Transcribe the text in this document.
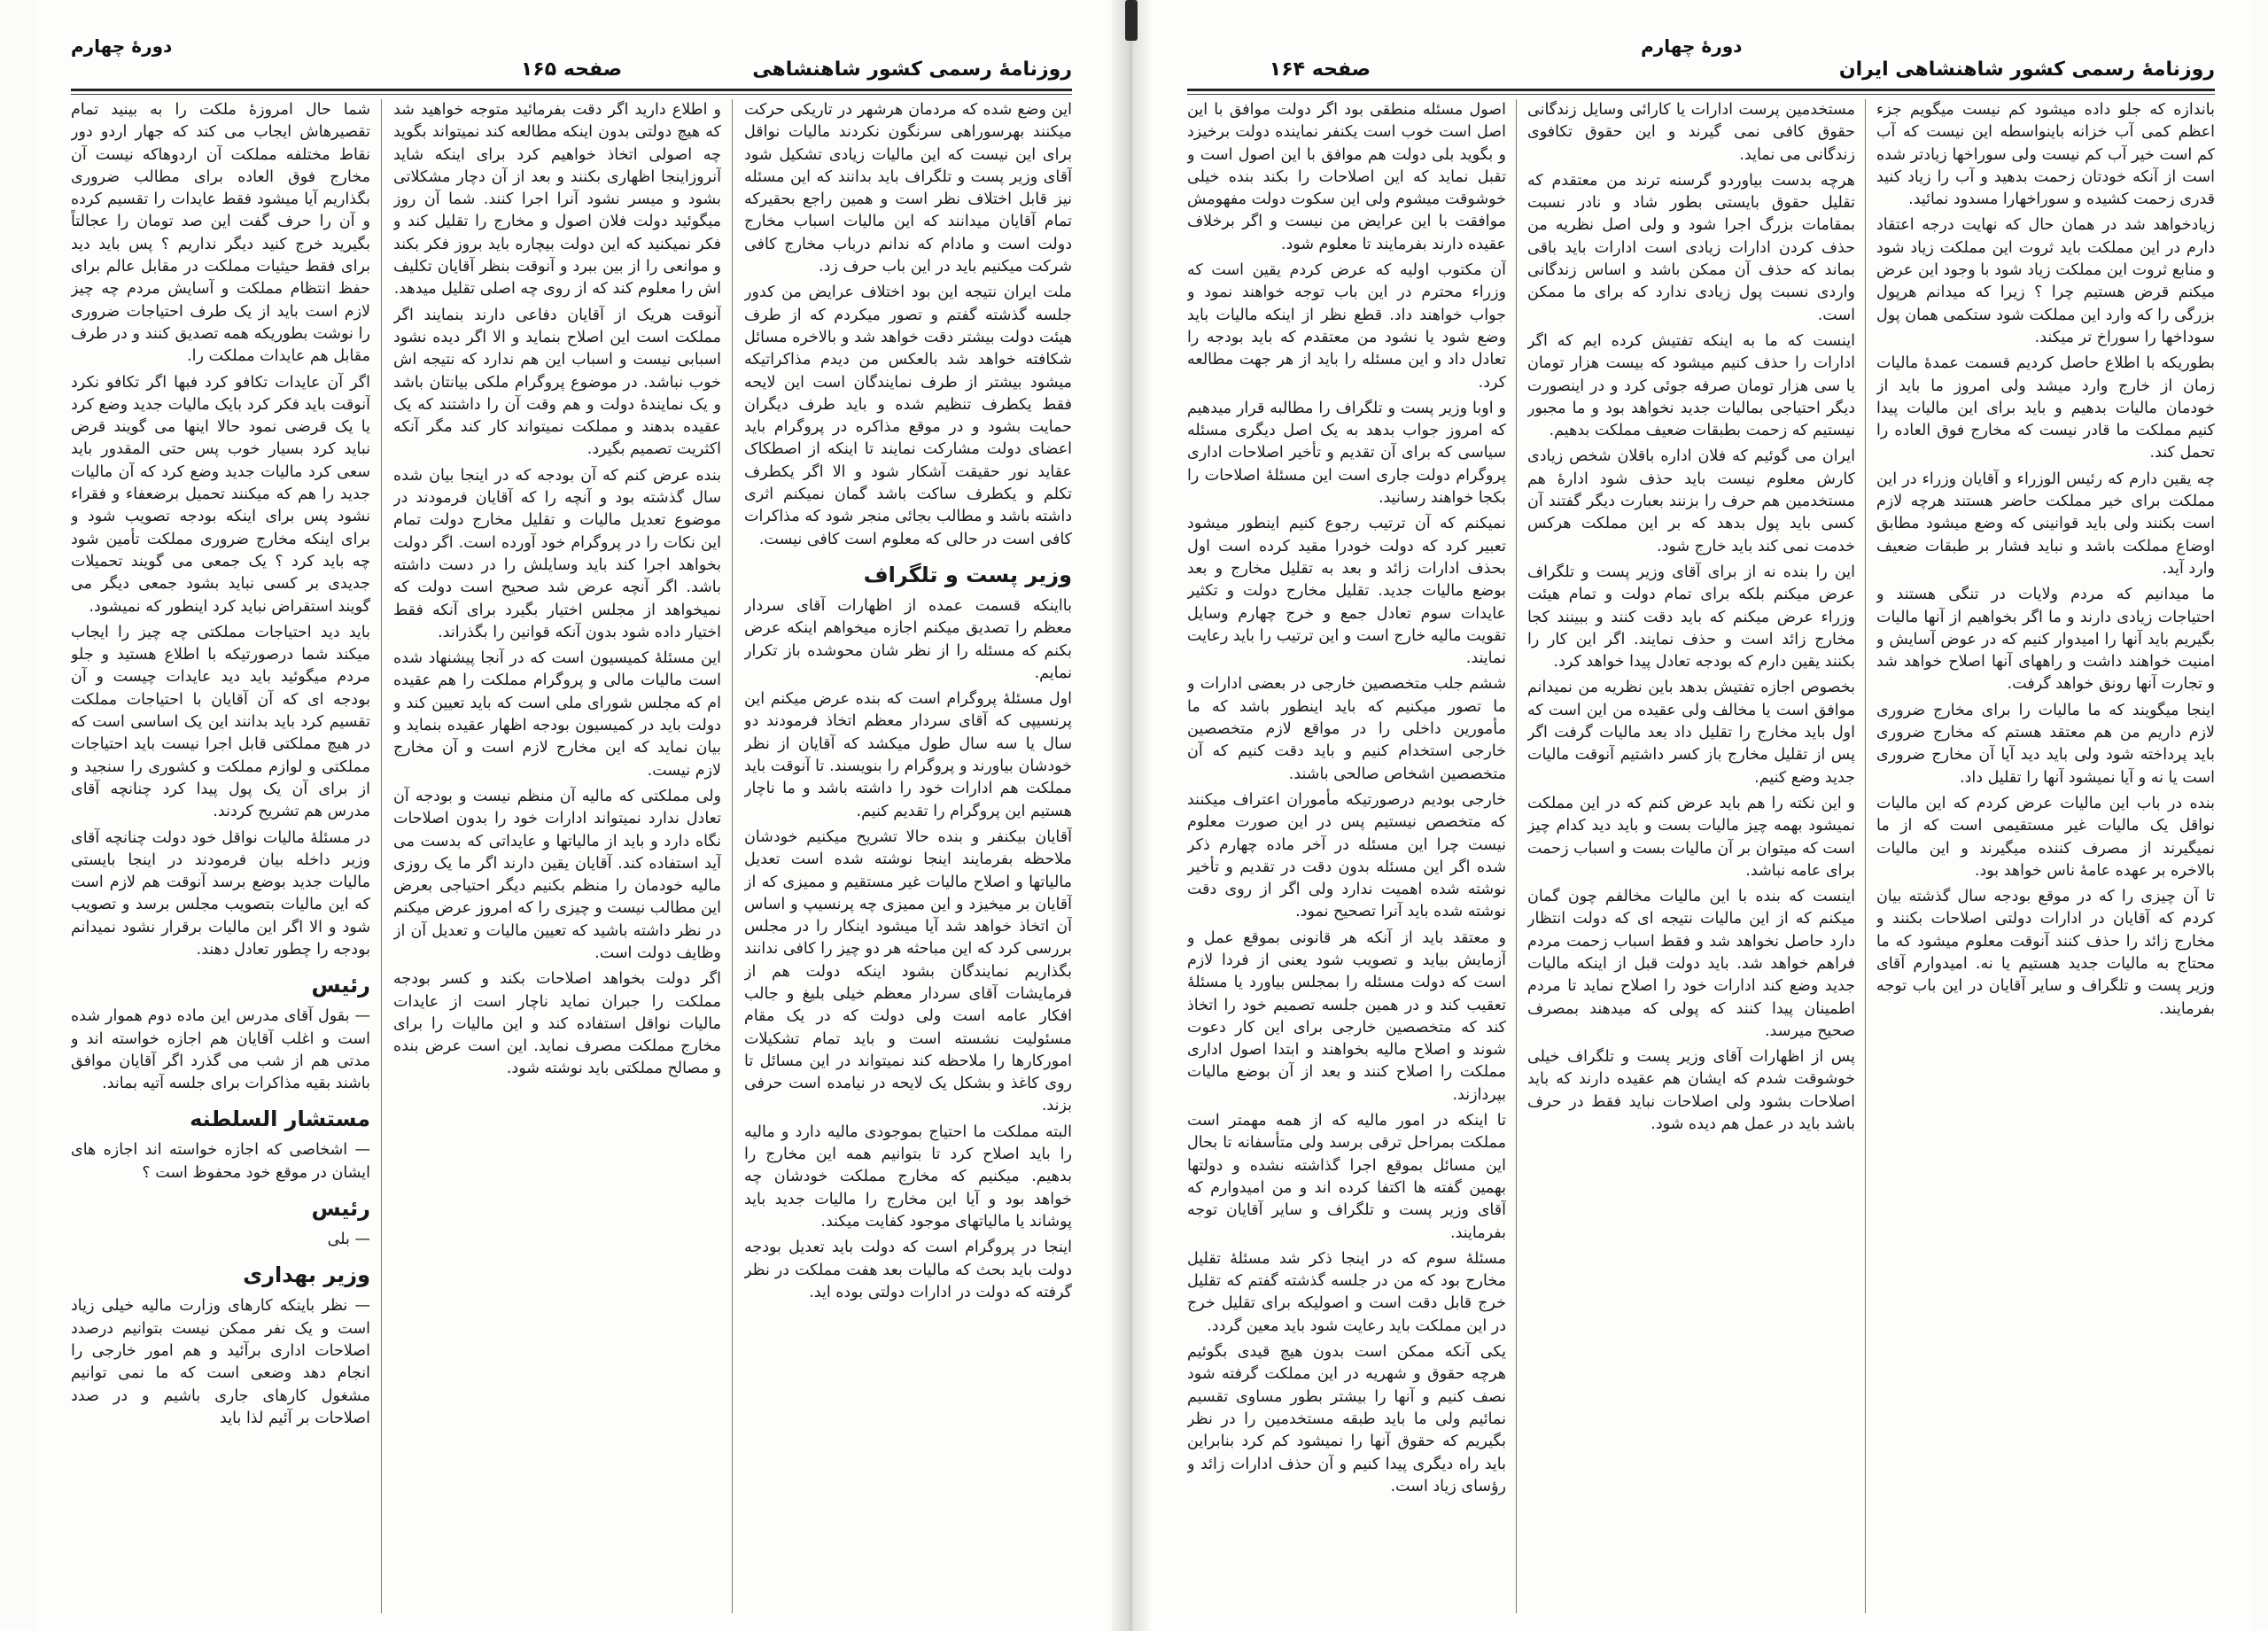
روزنامهٔ رسمی کشور شاهنشاهی
صفحه ۱۶۵
دورهٔ چهارم
این وضع شده که مردمان هرشهر در تاریکی حرکت میکنند بهرسوراهی سرنگون نکردند مالیات نواقل برای این نیست که این مالیات زیادی تشکیل شود آقای وزیر پست و تلگراف باید بدانند که این مسئله نیز قابل اختلاف نظر است و همین راجع بحقیرکه تمام آقایان میدانند که این مالیات اسباب مخارج دولت است و مادام که ندانم درباب مخارج کافی شرکت میکنیم باید در این باب حرف زد.
ملت ایران نتیجه این بود اختلاف عرایض من کدور جلسه گذشته گفتم و تصور میکردم که از طرف هیئت دولت بیشتر دقت خواهد شد و بالاخره مسائل شکافته خواهد شد بالعکس من دیدم مذاکراتیکه میشود بیشتر از طرف نمایندگان است این لایحه فقط یکطرف تنظیم شده و باید طرف دیگران حمایت بشود و در موقع مذاکره در پروگرام باید اعضای دولت مشارکت نمایند تا اینکه از اصطکاک عقاید نور حقیقت آشکار شود و الا اگر یکطرف تکلم و یکطرف ساکت باشد گمان نمیکنم اثری داشته باشد و مطالب بجائی منجر شود که مذاکرات کافی است در حالی که معلوم است کافی نیست.
وزیر پست و تلگراف
بااینکه قسمت عمده از اظهارات آقای سردار معظم را تصدیق میکنم اجازه میخواهم اینکه عرض بکنم که مسئله را از نظر شان محوشده باز تکرار نمایم.
اول مسئلهٔ پروگرام است که بنده عرض میکنم این پرنسیپی که آقای سردار معظم اتخاذ فرمودند دو سال یا سه سال طول میکشد که آقایان از نظر خودشان بیاورند و پروگرام را بنویسند. تا آنوقت باید مملکت هم ادارات خود را داشته باشد و ما ناچار هستیم این پروگرام را تقدیم کنیم.
آقایان بیکنفر و بنده حالا تشریح میکنیم خودشان ملاحظه بفرمایند اینجا نوشته شده است تعدیل مالیاتها و اصلاح مالیات غیر مستقیم و ممیزی که از آقایان بر میخیزد و این ممیزی چه پرنسیپ و اساس آن اتخاذ خواهد شد آیا میشود اینکار را در مجلس بررسی کرد که این مباحثه هر دو چیز را کافی ندانند بگذاریم نمایندگان بشود اینکه دولت هم از فرمایشات آقای سردار معظم خیلی بلیغ و جالب افکار عامه است ولی دولت که در یک مقام مسئولیت نشسته است و باید تمام تشکیلات امورکارها را ملاحظه کند نمیتواند در این مسائل تا روی کاغذ و بشکل یک لایحه در نیامده است حرفی بزند.
البته مملکت ما احتیاج بموجودی مالیه دارد و مالیه را باید اصلاح کرد تا بتوانیم همه این مخارج را بدهیم. میکنیم که مخارج مملکت خودشان چه خواهد بود و آیا این مخارج را مالیات جدید باید پوشاند یا مالیاتهای موجود کفایت میکند.
اینجا در پروگرام است که دولت باید تعدیل بودجه دولت باید بحث که مالیات بعد هفت مملکت در نظر گرفته که دولت در ادارات دولتی بوده اید.
و اطلاع دارید اگر دقت بفرمائید متوجه خواهید شد که هیچ دولتی بدون اینکه مطالعه کند نمیتواند بگوید چه اصولی اتخاذ خواهیم کرد برای اینکه شاید آنروزاینجا اظهاری بکنند و بعد از آن دچار مشکلاتی بشود و میسر نشود آنرا اجرا کنند. شما آن روز میگوئید دولت فلان اصول و مخارج را تقلیل کند و فکر نمیکنید که این دولت بیچاره باید بروز فکر بکند و موانعی را از بین ببرد و آنوقت بنظر آقایان تکلیف اش را معلوم کند که از روی چه اصلی تقلیل میدهد.
آنوقت هریک از آقایان دفاعی دارند بنمایند اگر مملکت است این اصلاح بنماید و الا اگر دیده نشود اسبابی نیست و اسباب این هم ندارد که نتیجه اش خوب نباشد. در موضوع پروگرام ملکی بیانتان باشد و یک نمایندهٔ دولت و هم وقت آن را داشتند که یک عقیده بدهند و مملکت نمیتواند کار کند مگر آنکه اکثریت تصمیم بگیرد.
بنده عرض کنم که آن بودجه که در اینجا بیان شده سال گذشته بود و آنچه را که آقایان فرمودند در موضوع تعدیل مالیات و تقلیل مخارج دولت تمام این نکات را در پروگرام خود آورده است. اگر دولت بخواهد اجرا کند باید وسایلش را در دست داشته باشد. اگر آنچه عرض شد صحیح است دولت که نمیخواهد از مجلس اختیار بگیرد برای آنکه فقط اختیار داده شود بدون آنکه قوانین را بگذراند.
این مسئلهٔ کمیسیون است که در آنجا پیشنهاد شده است مالیات مالی و پروگرام مملکت را هم عقیده ام که مجلس شورای ملی است که باید تعیین کند و دولت باید در کمیسیون بودجه اظهار عقیده بنماید و بیان نماید که این مخارج لازم است و آن مخارج لازم نیست.
ولی مملکتی که مالیه آن منظم نیست و بودجه آن تعادل ندارد نمیتواند ادارات خود را بدون اصلاحات نگاه دارد و باید از مالیاتها و عایداتی که بدست می آید استفاده کند. آقایان یقین دارند اگر ما یک روزی مالیه خودمان را منظم بکنیم دیگر احتیاجی بعرض این مطالب نیست و چیزی را که امروز عرض میکنم در نظر داشته باشید که تعیین مالیات و تعدیل آن از وظایف دولت است.
اگر دولت بخواهد اصلاحات بکند و کسر بودجه مملکت را جبران نماید ناچار است از عایدات مالیات نواقل استفاده کند و این مالیات را برای مخارج مملکت مصرف نماید. این است عرض بنده و مصالح مملکتی باید نوشته شود.
شما حال امروزهٔ ملکت را به بینید تمام تقصیرهاش ایجاب می کند که جهار اردو دور نقاط مختلفه مملکت آن اردوهاکه نیست آن مخارج فوق العاده برای مطالب ضروری بگذاریم آیا میشود فقط عایدات را تقسیم کرده و آن را حرف گفت این صد تومان را عجالتاً بگیرید خرج کنید دیگر نداریم ؟ پس باید دید برای فقط حیثیات مملکت در مقابل عالم برای حفظ انتظام مملکت و آسایش مردم چه چیز لازم است باید از یک طرف احتیاجات ضروری را نوشت بطوریکه همه تصدیق کنند و در طرف مقابل هم عایدات مملکت را.
اگر آن عایدات تکافو کرد فبها اگر تکافو نکرد آنوقت باید فکر کرد بایک مالیات جدید وضع کرد یا یک قرضی نمود حالا اینها می گویند قرض نباید کرد بسیار خوب پس حتی المقدور باید سعی کرد مالیات جدید وضع کرد که آن مالیات جدید را هم که میکنند تحمیل برضعفاء و فقراء نشود پس برای اینکه بودجه تصویب شود و برای اینکه مخارج ضروری مملکت تأمین شود چه باید کرد ؟ یک جمعی می گویند تحمیلات جدیدی بر کسی نباید بشود جمعی دیگر می گویند استقراض نباید کرد اینطور که نمیشود.
باید دید احتیاجات مملکتی چه چیز را ایجاب میکند شما درصورتیکه با اطلاع هستید و جلو مردم میگوئید باید دید عایدات چیست و آن بودجه ای که آن آقایان با احتیاجات مملکت تقسیم کرد باید بدانند این یک اساسی است که در هیچ مملکتی قابل اجرا نیست باید احتیاجات مملکتی و لوازم مملکت و کشوری را سنجید و از برای آن یک پول پیدا کرد چنانچه آقای مدرس هم تشریح کردند.
در مسئلهٔ مالیات نواقل خود دولت چنانچه آقای وزیر داخله بیان فرمودند در اینجا بایستی مالیات جدید بوضع برسد آنوقت هم لازم است که این مالیات بتصویب مجلس برسد و تصویب شود و الا اگر این مالیات برقرار نشود نمیدانم بودجه را چطور تعادل دهند.
رئیس
— بقول آقای مدرس این ماده دوم هموار شده است و اغلب آقایان هم اجازه خواسته اند و مدتی هم از شب می گذرد اگر آقایان موافق باشند بقیه مذاکرات برای جلسه آتیه بماند.
مستشار السلطنه
— اشخاصی که اجازه خواسته اند اجازه های ایشان در موقع خود محفوظ است ؟
رئیس
— بلی
وزیر بهداری
— نظر باینکه کارهای وزارت مالیه خیلی زیاد است و یک نفر ممکن نیست بتوانیم درصدد اصلاحات اداری برآئید و هم امور خارجی را انجام دهد وضعی است که ما نمی توانیم مشغول کارهای جاری باشیم و در صدد اصلاحات بر آئیم لذا باید
روزنامهٔ رسمی کشور شاهنشاهی ایران
صفحه ۱۶۴
دورهٔ چهارم
باندازه که جلو داده میشود کم نیست میگویم جزء اعظم کمی آب خزانه باینواسطه این نیست که آب کم است خیر آب کم نیست ولی سوراخها زیادتر شده است از آنکه خودتان زحمت بدهید و آب را زیاد کنید قدری زحمت کشیده و سوراخهارا مسدود نمائید.
زیادخواهد شد در همان حال که نهایت درجه اعتقاد دارم در این مملکت باید ثروت این مملکت زیاد شود و منابع ثروت این مملکت زیاد شود با وجود این عرض میکنم قرض هستیم چرا ؟ زیرا که میدانم هرپول بزرگی را که وارد این مملکت شود ستکمی همان پول سوداخها را سوراخ تر میکند.
بطوریکه با اطلاع حاصل کردیم قسمت عمدهٔ مالیات زمان از خارج وارد میشد ولی امروز ما باید از خودمان مالیات بدهیم و باید برای این مالیات پیدا کنیم مملکت ما قادر نیست که مخارج فوق العاده را تحمل کند.
چه یقین دارم که رئیس الوزراء و آقایان وزراء در این مملکت برای خیر مملکت حاضر هستند هرچه لازم است بکنند ولی باید قوانینی که وضع میشود مطابق اوضاع مملکت باشد و نباید فشار بر طبقات ضعیف وارد آید.
ما میدانیم که مردم ولایات در تنگی هستند و احتیاجات زیادی دارند و ما اگر بخواهیم از آنها مالیات بگیریم باید آنها را امیدوار کنیم که در عوض آسایش و امنیت خواهند داشت و راههای آنها اصلاح خواهد شد و تجارت آنها رونق خواهد گرفت.
اینجا میگویند که ما مالیات را برای مخارج ضروری لازم داریم من هم معتقد هستم که مخارج ضروری باید پرداخته شود ولی باید دید آیا آن مخارج ضروری است یا نه و آیا نمیشود آنها را تقلیل داد.
بنده در باب این مالیات عرض کردم که این مالیات نواقل یک مالیات غیر مستقیمی است که از ما نمیگیرند از مصرف کننده میگیرند و این مالیات بالاخره بر عهده عامهٔ ناس خواهد بود.
تا آن چیزی را که در موقع بودجه سال گذشته بیان کردم که آقایان در ادارات دولتی اصلاحات بکنند و مخارج زائد را حذف کنند آنوقت معلوم میشود که ما محتاج به مالیات جدید هستیم یا نه. امیدوارم آقای وزیر پست و تلگراف و سایر آقایان در این باب توجه بفرمایند.
مستخدمین پرست ادارات یا کارائی وسایل زندگانی حقوق کافی نمی گیرند و این حقوق تکافوی زندگانی می نماید.
هرچه بدست بیاوردو گرسنه ترند من معتقدم که تقلیل حقوق بایستی بطور شاد و نادر نسبت بمقامات بزرگ اجرا شود و ولی اصل نظریه من حذف کردن ادارات زیادی است ادارات باید باقی بماند که حذف آن ممکن باشد و اساس زندگانی واردی نسبت پول زیادی ندارد که برای ما ممکن است.
اینست که ما به اینکه تفتیش کرده ایم که اگر ادارات را حذف کنیم میشود که بیست هزار تومان یا سی هزار تومان صرفه جوئی کرد و در اینصورت دیگر احتیاجی بمالیات جدید نخواهد بود و ما مجبور نیستیم که زحمت بطبقات ضعیف مملکت بدهیم.
ایران می گوئیم که فلان اداره باقلان شخص زیادی کارش معلوم نیست باید حذف شود ادارهٔ هم مستخدمین هم حرف را بزنند بعبارت دیگر گفتند آن کسی باید پول بدهد که بر این مملکت هرکس خدمت نمی کند باید خارج شود.
این را بنده نه از برای آقای وزیر پست و تلگراف عرض میکنم بلکه برای تمام دولت و تمام هیئت وزراء عرض میکنم که باید دقت کنند و ببینند کجا مخارج زائد است و حذف نمایند. اگر این کار را بکنند یقین دارم که بودجه تعادل پیدا خواهد کرد.
بخصوص اجازه تفتیش بدهد باین نظریه من نمیدانم موافق است یا مخالف ولی عقیده من این است که اول باید مخارج را تقلیل داد بعد مالیات گرفت اگر پس از تقلیل مخارج باز کسر داشتیم آنوقت مالیات جدید وضع کنیم.
و این نکته را هم باید عرض کنم که در این مملکت نمیشود بهمه چیز مالیات بست و باید دید کدام چیز است که میتوان بر آن مالیات بست و اسباب زحمت برای عامه نباشد.
اینست که بنده با این مالیات مخالفم چون گمان میکنم که از این مالیات نتیجه ای که دولت انتظار دارد حاصل نخواهد شد و فقط اسباب زحمت مردم فراهم خواهد شد. باید دولت قبل از اینکه مالیات جدید وضع کند ادارات خود را اصلاح نماید تا مردم اطمینان پیدا کنند که پولی که میدهند بمصرف صحیح میرسد.
پس از اظهارات آقای وزیر پست و تلگراف خیلی خوشوقت شدم که ایشان هم عقیده دارند که باید اصلاحات بشود ولی اصلاحات نباید فقط در حرف باشد باید در عمل هم دیده شود.
اصول مسئله منطقی بود اگر دولت موافق با این اصل است خوب است یکنفر نماینده دولت برخیزد و بگوید بلی دولت هم موافق با این اصول است و تقبل نماید که این اصلاحات را بکند بنده خیلی خوشوقت میشوم ولی این سکوت دولت مفهومش موافقت با این عرایض من نیست و اگر برخلاف عقیده دارند بفرمایند تا معلوم شود.
آن مکتوب اولیه که عرض کردم یقین است که وزراء محترم در این باب توجه خواهند نمود و جواب خواهند داد. قطع نظر از اینکه مالیات باید وضع شود یا نشود من معتقدم که باید بودجه را تعادل داد و این مسئله را باید از هر جهت مطالعه کرد.
و اوبا وزیر پست و تلگراف را مطالبه قرار میدهیم که امروز جواب بدهد به یک اصل دیگری مسئله سیاسی که برای آن تقدیم و تأخیر اصلاحات اداری پروگرام دولت جاری است این مسئلهٔ اصلاحات را بکجا خواهند رسانید.
نمیکنم که آن ترتیب رجوع کنیم اینطور میشود تعبیر کرد که دولت خودرا مقید کرده است اول بحذف ادارات زائد و بعد به تقلیل مخارج و بعد بوضع مالیات جدید. تقلیل مخارج دولت و تکثیر عایدات سوم تعادل جمع و خرج چهارم وسایل تقویت مالیه خارج است و این ترتیب را باید رعایت نمایند.
ششم جلب متخصصین خارجی در بعضی ادارات و ما تصور میکنیم که باید اینطور باشد که ما مأمورین داخلی را در مواقع لازم متخصصین خارجی استخدام کنیم و باید دقت کنیم که آن متخصصین اشخاص صالحی باشند.
خارجی بودیم درصورتیکه مأموران اعتراف میکنند که متخصص نیستیم پس در این صورت معلوم نیست چرا این مسئله در آخر ماده چهارم ذکر شده اگر این مسئله بدون دقت در تقدیم و تأخیر نوشته شده اهمیت ندارد ولی اگر از روی دقت نوشته شده باید آنرا تصحیح نمود.
و معتقد باید از آنکه هر قانونی بموقع عمل و آزمایش بیاید و تصویب شود یعنی از فردا لازم است که دولت مسئله را بمجلس بیاورد یا مسئلهٔ تعقیب کند و در همین جلسه تصمیم خود را اتخاذ کند که متخصصین خارجی برای این کار دعوت شوند و اصلاح مالیه بخواهند و ابتدا اصول اداری مملکت را اصلاح کنند و بعد از آن بوضع مالیات بپردازند.
تا اینکه در امور مالیه که از همه مهمتر است مملکت بمراحل ترقی برسد ولی متأسفانه تا بحال این مسائل بموقع اجرا گذاشته نشده و دولتها بهمین گفته ها اکتفا کرده اند و من امیدوارم که آقای وزیر پست و تلگراف و سایر آقایان توجه بفرمایند.
مسئلهٔ سوم که در اینجا ذکر شد مسئلهٔ تقلیل مخارج بود که من در جلسه گذشته گفتم که تقلیل خرج قابل دقت است و اصولیکه برای تقلیل خرج در این مملکت باید رعایت شود باید معین گردد.
یکی آنکه ممکن است بدون هیچ قیدی بگوئیم هرچه حقوق و شهریه در این مملکت گرفته شود نصف کنیم و آنها را بیشتر بطور مساوی تقسیم نمائیم ولی ما باید طبقه مستخدمین را در نظر بگیریم که حقوق آنها را نمیشود کم کرد بنابراین باید راه دیگری پیدا کنیم و آن حذف ادارات زائد و رؤسای زیاد است.
